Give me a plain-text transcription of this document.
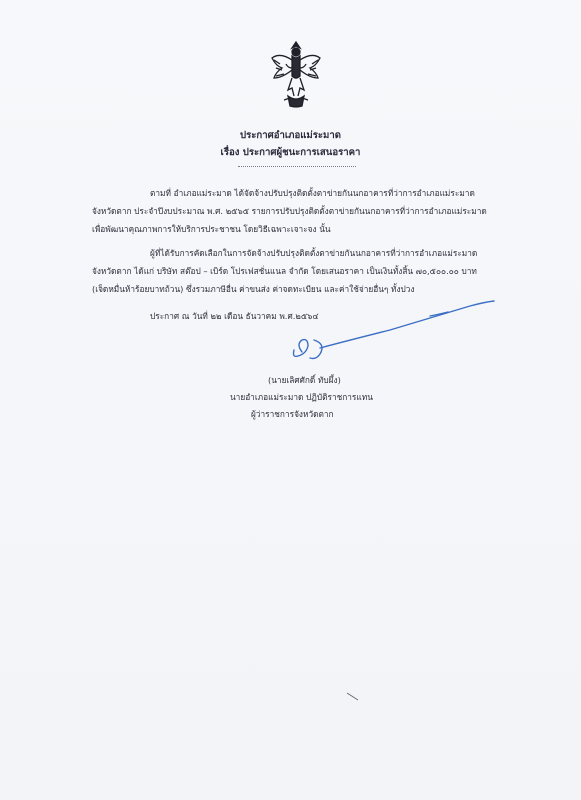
ประกาศอำเภอแม่ระมาด
เรื่อง ประกาศผู้ชนะการเสนอราคา
ตามที่ อำเภอแม่ระมาด ได้จัดจ้างปรับปรุงติดตั้งตาข่ายกันนกอาคารที่ว่าการอำเภอแม่ระมาด
จังหวัดตาก ประจำปีงบประมาณ พ.ศ. ๒๕๖๕ รายการปรับปรุงติดตั้งตาข่ายกันนกอาคารที่ว่าการอำเภอแม่ระมาด
เพื่อพัฒนาคุณภาพการให้บริการประชาชน โดยวิธีเฉพาะเจาะจง นั้น
ผู้ที่ได้รับการคัดเลือกในการจัดจ้างปรับปรุงติดตั้งตาข่ายกันนกอาคารที่ว่าการอำเภอแม่ระมาด
จังหวัดตาก ได้แก่ บริษัท สต๊อป – เบิร์ด โปรเฟสชั่นแนล จำกัด โดยเสนอราคา เป็นเงินทั้งสิ้น ๗๐,๕๐๐.๐๐ บาท
(เจ็ดหมื่นห้าร้อยบาทถ้วน) ซึ่งรวมภาษีอื่น ค่าขนส่ง ค่าจดทะเบียน และค่าใช้จ่ายอื่นๆ ทั้งปวง
ประกาศ ณ วันที่ ๒๒ เดือน ธันวาคม พ.ศ.๒๕๖๔
(นายเลิศศักดิ์ ทับผึ้ง)
นายอำเภอแม่ระมาด ปฏิบัติราชการแทน
ผู้ว่าราชการจังหวัดตาก
